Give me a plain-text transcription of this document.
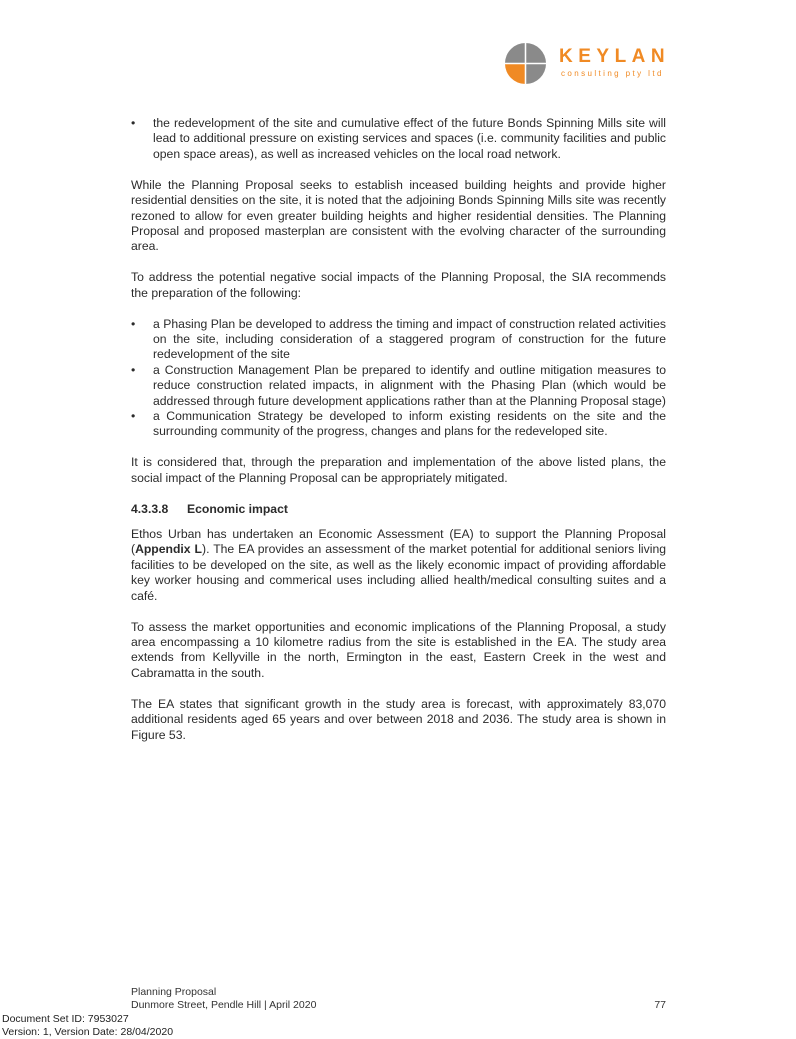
KEYLAN
consulting pty ltd
• the redevelopment of the site and cumulative effect of the future Bonds Spinning Mills site will lead to additional pressure on existing services and spaces (i.e. community facilities and public open space areas), as well as increased vehicles on the local road network.

While the Planning Proposal seeks to establish inceased building heights and provide higher residential densities on the site, it is noted that the adjoining Bonds Spinning Mills site was recently rezoned to allow for even greater building heights and higher residential densities. The Planning Proposal and proposed masterplan are consistent with the evolving character of the surrounding area.

To address the potential negative social impacts of the Planning Proposal, the SIA recommends the preparation of the following:

• a Phasing Plan be developed to address the timing and impact of construction related activities on the site, including consideration of a staggered program of construction for the future redevelopment of the site
• a Construction Management Plan be prepared to identify and outline mitigation measures to reduce construction related impacts, in alignment with the Phasing Plan (which would be addressed through future development applications rather than at the Planning Proposal stage)
• a Communication Strategy be developed to inform existing residents on the site and the surrounding community of the progress, changes and plans for the redeveloped site.

It is considered that, through the preparation and implementation of the above listed plans, the social impact of the Planning Proposal can be appropriately mitigated.

4.3.3.8 Economic impact

Ethos Urban has undertaken an Economic Assessment (EA) to support the Planning Proposal (Appendix L). The EA provides an assessment of the market potential for additional seniors living facilities to be developed on the site, as well as the likely economic impact of providing affordable key worker housing and commerical uses including allied health/medical consulting suites and a café.

To assess the market opportunities and economic implications of the Planning Proposal, a study area encompassing a 10 kilometre radius from the site is established in the EA. The study area extends from Kellyville in the north, Ermington in the east, Eastern Creek in the west and Cabramatta in the south.

The EA states that significant growth in the study area is forecast, with approximately 83,070 additional residents aged 65 years and over between 2018 and 2036. The study area is shown in Figure 53.

Planning Proposal
Dunmore Street, Pendle Hill | April 2020	77
Document Set ID: 7953027
Version: 1, Version Date: 28/04/2020
